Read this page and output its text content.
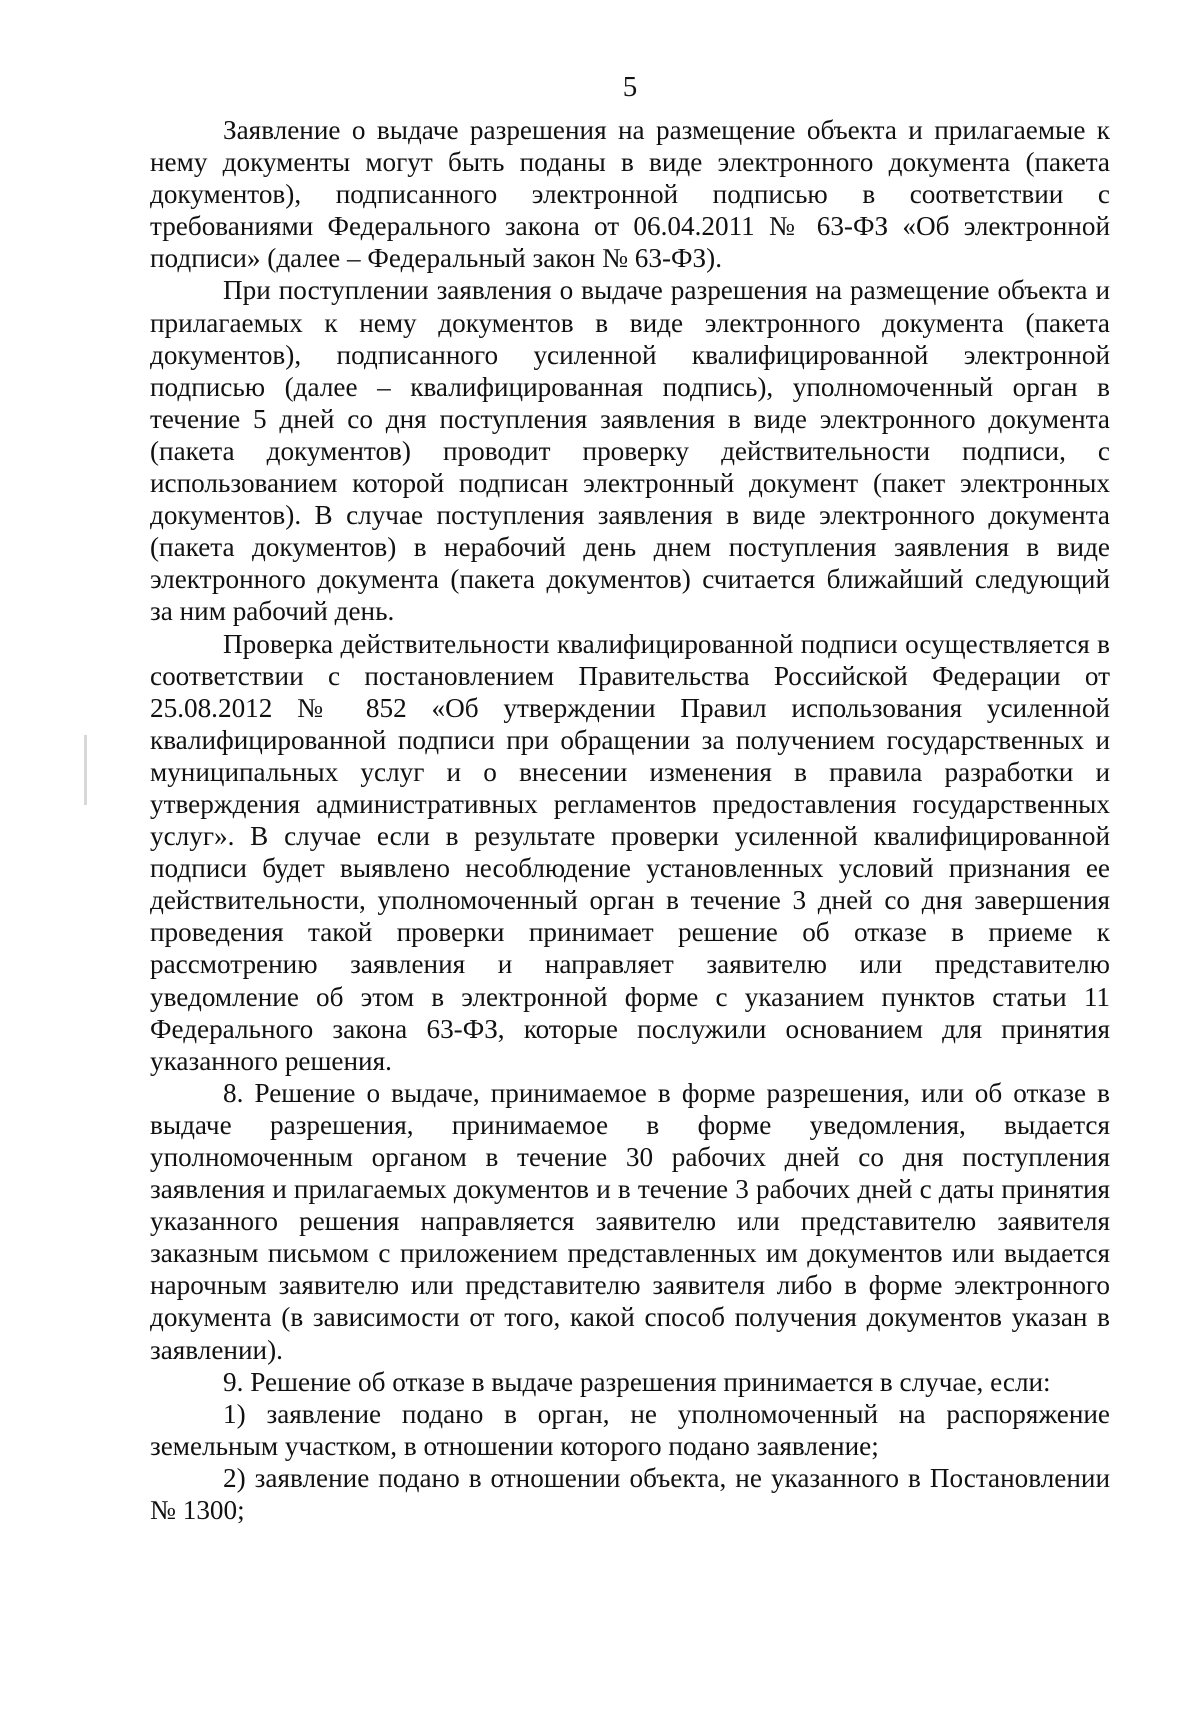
5

Заявление о выдаче разрешения на размещение объекта и прилагаемые к нему документы могут быть поданы в виде электронного документа (пакета документов), подписанного электронной подписью в соответствии с требованиями Федерального закона от 06.04.2011 № 63-ФЗ «Об электронной подписи» (далее – Федеральный закон № 63-ФЗ).

При поступлении заявления о выдаче разрешения на размещение объекта и прилагаемых к нему документов в виде электронного документа (пакета документов), подписанного усиленной квалифицированной электронной подписью (далее – квалифицированная подпись), уполномоченный орган в течение 5 дней со дня поступления заявления в виде электронного документа (пакета документов) проводит проверку действительности подписи, с использованием которой подписан электронный документ (пакет электронных документов). В случае поступления заявления в виде электронного документа (пакета документов) в нерабочий день днем поступления заявления в виде электронного документа (пакета документов) считается ближайший следующий за ним рабочий день.

Проверка действительности квалифицированной подписи осуществляется в соответствии с постановлением Правительства Российской Федерации от 25.08.2012 № 852 «Об утверждении Правил использования усиленной квалифицированной подписи при обращении за получением государственных и муниципальных услуг и о внесении изменения в правила разработки и утверждения административных регламентов предоставления государственных услуг». В случае если в результате проверки усиленной квалифицированной подписи будет выявлено несоблюдение установленных условий признания ее действительности, уполномоченный орган в течение 3 дней со дня завершения проведения такой проверки принимает решение об отказе в приеме к рассмотрению заявления и направляет заявителю или представителю уведомление об этом в электронной форме с указанием пунктов статьи 11 Федерального закона 63-ФЗ, которые послужили основанием для принятия указанного решения.

8. Решение о выдаче, принимаемое в форме разрешения, или об отказе в выдаче разрешения, принимаемое в форме уведомления, выдается уполномоченным органом в течение 30 рабочих дней со дня поступления заявления и прилагаемых документов и в течение 3 рабочих дней с даты принятия указанного решения направляется заявителю или представителю заявителя заказным письмом с приложением представленных им документов или выдается нарочным заявителю или представителю заявителя либо в форме электронного документа (в зависимости от того, какой способ получения документов указан в заявлении).

9. Решение об отказе в выдаче разрешения принимается в случае, если:

1) заявление подано в орган, не уполномоченный на распоряжение земельным участком, в отношении которого подано заявление;

2) заявление подано в отношении объекта, не указанного в Постановлении № 1300;
